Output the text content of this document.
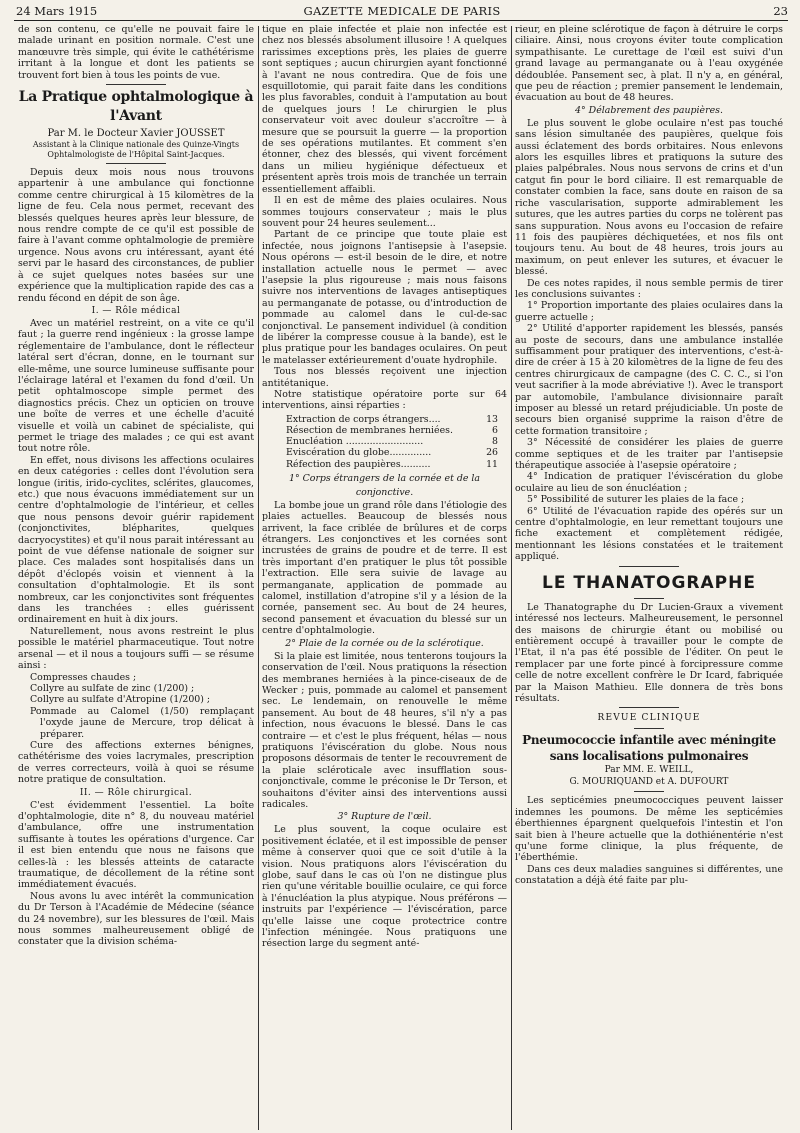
24 Mars 1915	GAZETTE MEDICALE DE PARIS	23

de son contenu, ce qu'elle ne pouvait faire le malade urinant en position normale. C'est une manœuvre très simple, qui évite le cathétérisme irritant à la longue et dont les patients se trouvent fort bien à tous les points de vue.

La Pratique ophtalmologique à l'Avant
Par M. le Docteur Xavier JOUSSET
Assistant à la Clinique nationale des Quinze-Vingts
Ophtalmologiste de l'Hôpital Saint-Jacques.

Depuis deux mois nous nous trouvons appartenir à une ambulance qui fonctionne comme centre chirurgical à 15 kilomètres de la ligne de feu. Cela nous permet, recevant des blessés quelques heures après leur blessure, de nous rendre compte de ce qu'il est possible de faire à l'avant comme ophtalmologie de première urgence. Nous avons cru intéressant, ayant été servi par le hasard des circonstances, de publier à ce sujet quelques notes basées sur une expérience que la multiplication rapide des cas a rendu fécond en dépit de son âge.

I. — Rôle médical

Avec un matériel restreint, on a vite ce qu'il faut ; la guerre rend ingénieux : la grosse lampe réglementaire de l'ambulance, dont le réflecteur latéral sert d'écran, donne, en le tournant sur elle-même, une source lumineuse suffisante pour l'éclairage latéral et l'examen du fond d'œil. Un petit ophtalmoscope simple permet des diagnostics précis. Chez un opticien on trouve une boîte de verres et une échelle d'acuité visuelle et voilà un cabinet de spécialiste, qui permet le triage des malades ; ce qui est avant tout notre rôle.

En effet, nous divisons les affections oculaires en deux catégories : celles dont l'évolution sera longue (iritis, irido-cyclites, sclérites, glaucomes, etc.) que nous évacuons immédiatement sur un centre d'ophtalmologie de l'intérieur, et celles que nous pensons devoir guérir rapidement (conjonctivites, blépharites, quelques dacryocystites) et qu'il nous parait intéressant au point de vue défense nationale de soigner sur place. Ces malades sont hospitalisés dans un dépôt d'éclopés voisin et viennent à la consultation d'ophtalmologie. Et ils sont nombreux, car les conjonctivites sont fréquentes dans les tranchées : elles guérissent ordinairement en huit à dix jours.

Naturellement, nous avons restreint le plus possible le matériel pharmaceutique. Tout notre arsenal — et il nous a toujours suffi — se résume ainsi :

Compresses chaudes ;

Collyre au sulfate de zinc (1/200) ;

Collyre au sulfate d'Atropine (1/200) ;

Pommade au Calomel (1/50) remplaçant l'oxyde jaune de Mercure, trop délicat à préparer.

Cure des affections externes bénignes, cathétérisme des voies lacrymales, prescription de verres correcteurs, voilà à quoi se résume notre pratique de consultation.

II. — Rôle chirurgical.

C'est évidemment l'essentiel. La boîte d'ophtalmologie, dite n° 8, du nouveau matériel d'ambulance, offre une instrumentation suffisante à toutes les opérations d'urgence. Car il est bien entendu que nous ne faisons que celles-là : les blessés atteints de cataracte traumatique, de décollement de la rétine sont immédiatement évacués.

Nous avons lu avec intérêt la communication du Dr Terson à l'Académie de Médecine (séance du 24 novembre), sur les blessures de l'œil. Mais nous sommes malheureusement obligé de constater que la division schéma-

tique en plaie infectée et plaie non infectée est chez nos blessés absolument illusoire ! A quelques rarissimes exceptions près, les plaies de guerre sont septiques ; aucun chirurgien ayant fonctionné à l'avant ne nous contredira. Que de fois une esquillotomie, qui parait faite dans les conditions les plus favorables, conduit à l'amputation au bout de quelques jours ! Le chirurgien le plus conservateur voit avec douleur s'accroître — à mesure que se poursuit la guerre — la proportion de ses opérations mutilantes. Et comment s'en étonner, chez des blessés, qui vivent forcément dans un milieu hygiénique défectueux et présentent après trois mois de tranchée un terrain essentiellement affaibli.

Il en est de même des plaies oculaires. Nous sommes toujours conservateur ; mais le plus souvent pour 24 heures seulement...

Partant de ce principe que toute plaie est infectée, nous joignons l'antisepsie à l'asepsie. Nous opérons — est-il besoin de le dire, et notre installation actuelle nous le permet — avec l'asepsie la plus rigoureuse ; mais nous faisons suivre nos interventions de lavages antiseptiques au permanganate de potasse, ou d'introduction de pommade au calomel dans le cul-de-sac conjonctival. Le pansement individuel (à condition de libérer la compresse cousue à la bande), est le plus pratique pour les bandages oculaires. On peut le matelasser extérieurement d'ouate hydrophile.

Tous nos blessés reçoivent une injection antitétanique.

Notre statistique opératoire porte sur 64 interventions, ainsi réparties :

Extraction de corps étrangers....	13
Résection de membranes herniées.	6
Enucléation ..........................	8
Eviscération du globe..............	26
Réfection des paupières..........	11
1° Corps étrangers de la cornée et de la conjonctive.

La bombe joue un grand rôle dans l'étiologie des plaies actuelles. Beaucoup de blessés nous arrivent, la face criblée de brûlures et de corps étrangers. Les conjonctives et les cornées sont incrustées de grains de poudre et de terre. Il est très important d'en pratiquer le plus tôt possible l'extraction. Elle sera suivie de lavage au permanganate, application de pommade au calomel, instillation d'atropine s'il y a lésion de la cornée, pansement sec. Au bout de 24 heures, second pansement et évacuation du blessé sur un centre d'ophtalmologie.

2° Plaie de la cornée ou de la sclérotique.

Si la plaie est limitée, nous tenterons toujours la conservation de l'œil. Nous pratiquons la résection des membranes herniées à la pince-ciseaux de de Wecker ; puis, pommade au calomel et pansement sec. Le lendemain, on renouvelle le même pansement. Au bout de 48 heures, s'il n'y a pas infection, nous évacuons le blessé. Dans le cas contraire — et c'est le plus fréquent, hélas — nous pratiquons l'éviscération du globe. Nous nous proposons désormais de tenter le recouvrement de la plaie scléroticale avec insufflation sous-conjonctivale, comme le préconise le Dr Terson, et souhaitons d'éviter ainsi des interventions aussi radicales.

3° Rupture de l'œil.

Le plus souvent, la coque oculaire est positivement éclatée, et il est impossible de penser même à conserver quoi que ce soit d'utile à la vision. Nous pratiquons alors l'éviscération du globe, sauf dans le cas où l'on ne distingue plus rien qu'une véritable bouillie oculaire, ce qui force à l'énucléation la plus atypique. Nous préférons — instruits par l'expérience — l'éviscération, parce qu'elle laisse une coque protectrice contre l'infection méningée. Nous pratiquons une résection large du segment anté-

rieur, en pleine sclérotique de façon à détruire le corps ciliaire. Ainsi, nous croyons éviter toute complication sympathisante. Le curettage de l'œil est suivi d'un grand lavage au permanganate ou à l'eau oxygénée dédoublée. Pansement sec, à plat. Il n'y a, en général, que peu de réaction ; premier pansement le lendemain, évacuation au bout de 48 heures.

4° Délabrement des paupières.

Le plus souvent le globe oculaire n'est pas touché sans lésion simultanée des paupières, quelque fois aussi éclatement des bords orbitaires. Nous enlevons alors les esquilles libres et pratiquons la suture des plaies palpébrales. Nous nous servons de crins et d'un catgut fin pour le bord ciliaire. Il est remarquable de constater combien la face, sans doute en raison de sa riche vascularisation, supporte admirablement les sutures, que les autres parties du corps ne tolèrent pas sans suppuration. Nous avons eu l'occasion de refaire 11 fois des paupières déchiquetées, et nos fils ont toujours tenu. Au bout de 48 heures, trois jours au maximum, on peut enlever les sutures, et évacuer le blessé.

De ces notes rapides, il nous semble permis de tirer les conclusions suivantes :

1° Proportion importante des plaies oculaires dans la guerre actuelle ;

2° Utilité d'apporter rapidement les blessés, pansés au poste de secours, dans une ambulance installée suffisamment pour pratiquer des interventions, c'est-à-dire de créer à 15 à 20 kilomètres de la ligne de feu des centres chirurgicaux de campagne (des C. C. C., si l'on veut sacrifier à la mode abréviative !). Avec le transport par automobile, l'ambulance divisionnaire paraît imposer au blessé un retard préjudiciable. Un poste de secours bien organisé supprime la raison d'être de cette formation transitoire ;

3° Nécessité de considérer les plaies de guerre comme septiques et de les traiter par l'antisepsie thérapeutique associée à l'asepsie opératoire ;

4° Indication de pratiquer l'éviscération du globe oculaire au lieu de son énucléation ;

5° Possibilité de suturer les plaies de la face ;

6° Utilité de l'évacuation rapide des opérés sur un centre d'ophtalmologie, en leur remettant toujours une fiche exactement et complètement rédigée, mentionnant les lésions constatées et le traitement appliqué.

LE THANATOGRAPHE

Le Thanatographe du Dr Lucien-Graux a vivement intéressé nos lecteurs. Malheureusement, le personnel des maisons de chirurgie étant ou mobilisé ou entièrement occupé à travailler pour le compte de l'Etat, il n'a pas été possible de l'éditer. On peut le remplacer par une forte pincé à forcipressure comme celle de notre excellent confrère le Dr Icard, fabriquée par la Maison Mathieu. Elle donnera de très bons résultats.

REVUE CLINIQUE
Pneumococcie infantile avec méningite
sans localisations pulmonaires
Par MM. E. WEILL,
G. MOURIQUAND et A. DUFOURT

Les septicémies pneumococciques peuvent laisser indemnes les poumons. De même les septicémies éberthiennes épargnent quelquefois l'intestin et l'on sait bien à l'heure actuelle que la dothiénentérie n'est qu'une forme clinique, la plus fréquente, de l'éberthémie.

Dans ces deux maladies sanguines si différentes, une constatation a déjà été faite par plu-
